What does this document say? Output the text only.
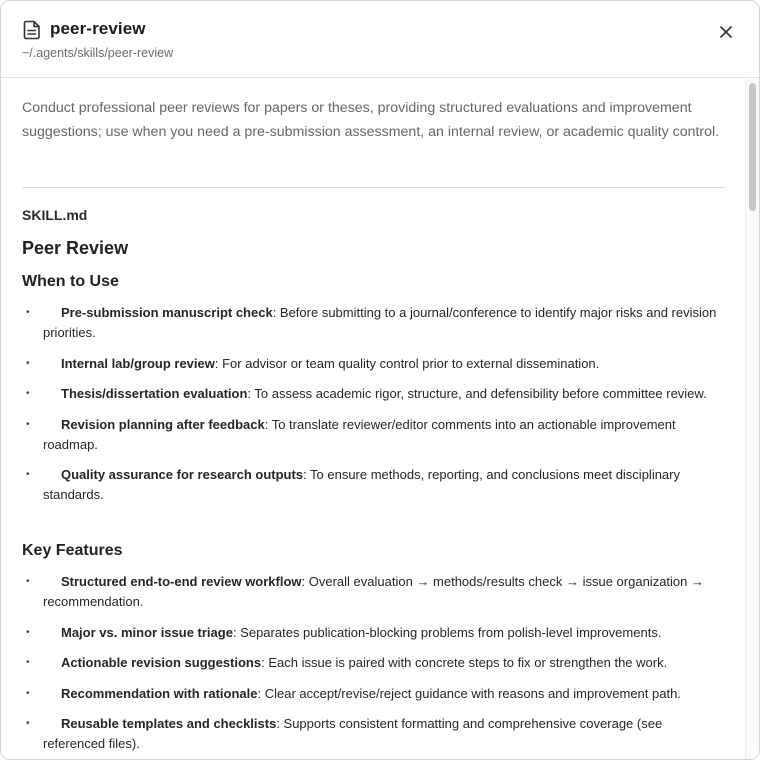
peer-review
~/.agents/skills/peer-review

Conduct professional peer reviews for papers or theses, providing structured evaluations and improvement suggestions; use when you need a pre-submission assessment, an internal review, or academic quality control.

SKILL.md
Peer Review
When to Use
• Pre-submission manuscript check: Before submitting to a journal/conference to identify major risks and revision priorities.
• Internal lab/group review: For advisor or team quality control prior to external dissemination.
• Thesis/dissertation evaluation: To assess academic rigor, structure, and defensibility before committee review.
• Revision planning after feedback: To translate reviewer/editor comments into an actionable improvement roadmap.
• Quality assurance for research outputs: To ensure methods, reporting, and conclusions meet disciplinary standards.
Key Features
• Structured end-to-end review workflow: Overall evaluation → methods/results check → issue organization → recommendation.
• Major vs. minor issue triage: Separates publication-blocking problems from polish-level improvements.
• Actionable revision suggestions: Each issue is paired with concrete steps to fix or strengthen the work.
• Recommendation with rationale: Clear accept/revise/reject guidance with reasons and improvement path.
• Reusable templates and checklists: Supports consistent formatting and comprehensive coverage (see referenced files).
